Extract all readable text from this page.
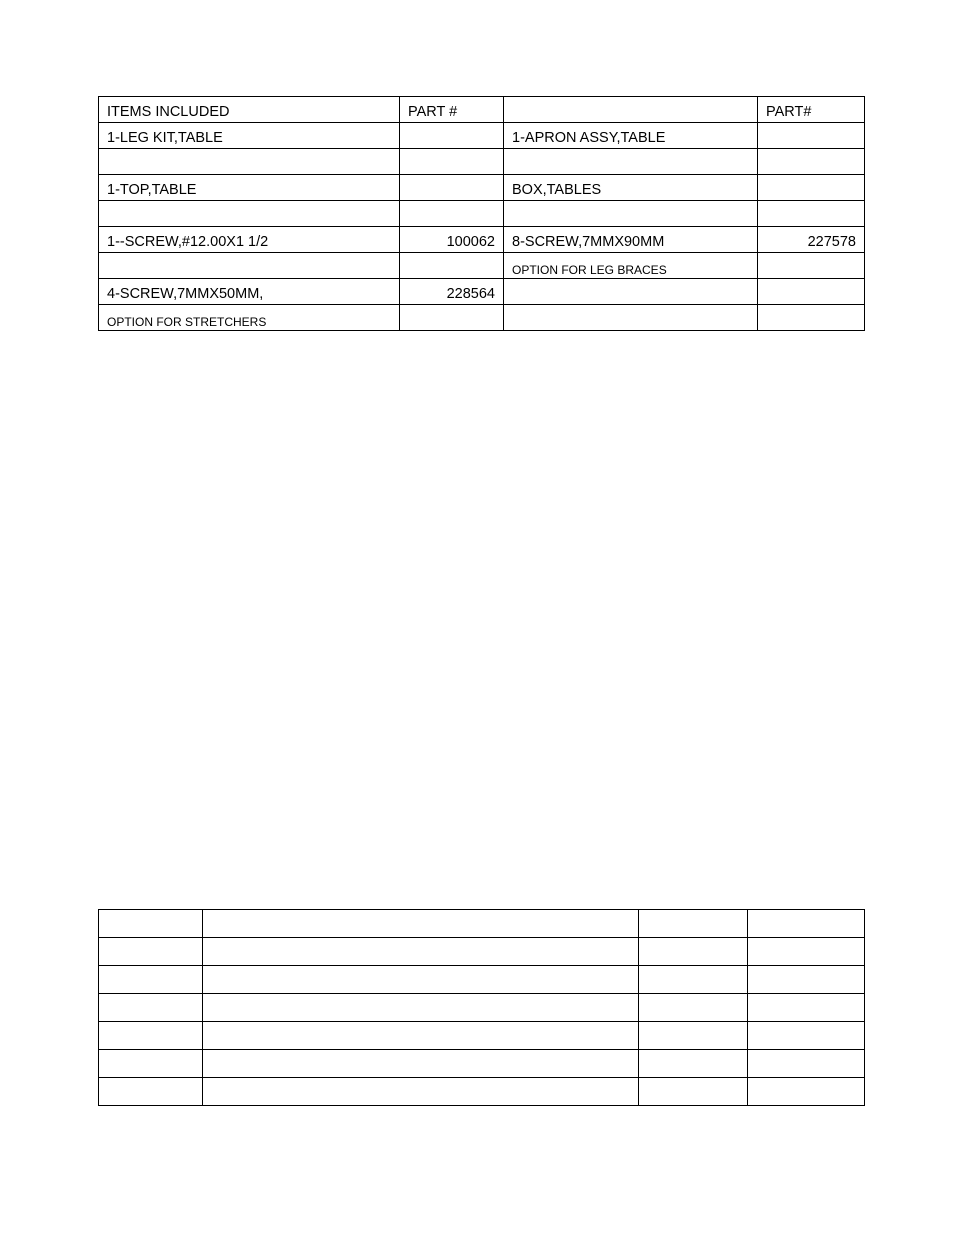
ITEMS INCLUDED	PART #		PART#
1-LEG KIT,TABLE		1-APRON ASSY,TABLE	

1-TOP,TABLE		BOX,TABLES	

1--SCREW,#12.00X1 1/2	100062	8-SCREW,7MMX90MM	227578
		OPTION FOR LEG BRACES	
4-SCREW,7MMX50MM,	228564		
OPTION FOR STRETCHERS			
